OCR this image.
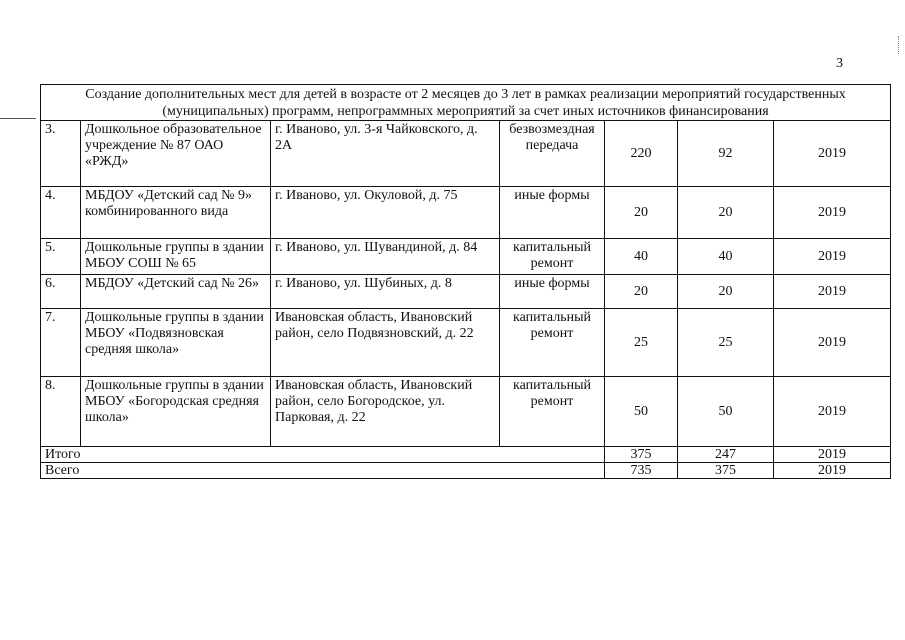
3
Создание дополнительных мест для детей в возрасте от 2 месяцев до 3 лет в рамках реализации мероприятий государственных (муниципальных) программ, непрограммных мероприятий за счет иных источников финансирования						
3.	Дошкольное образовательное учреждение № 87 ОАО «РЖД»	г. Иваново, ул. 3-я Чайковского, д. 2А	безвозмездная передача	220	92	2019
4.	МБДОУ «Детский сад № 9» комбинированного вида	г. Иваново, ул. Окуловой, д. 75	иные формы	20	20	2019
5.	Дошкольные группы в здании МБОУ СОШ № 65	г. Иваново, ул. Шувандиной, д. 84	капитальный ремонт	40	40	2019
6.	МБДОУ «Детский сад № 26»	г. Иваново, ул. Шубиных, д. 8	иные формы	20	20	2019
7.	Дошкольные группы в здании МБОУ «Подвязновская средняя школа»	Ивановская область, Ивановский район, село Подвязновский, д. 22	капитальный ремонт	25	25	2019
8.	Дошкольные группы в здании МБОУ «Богородская средняя школа»	Ивановская область, Ивановский район, село Богородское, ул. Парковая, д. 22	капитальный ремонт	50	50	2019
Итого				375	247	2019
Всего				735	375	2019
